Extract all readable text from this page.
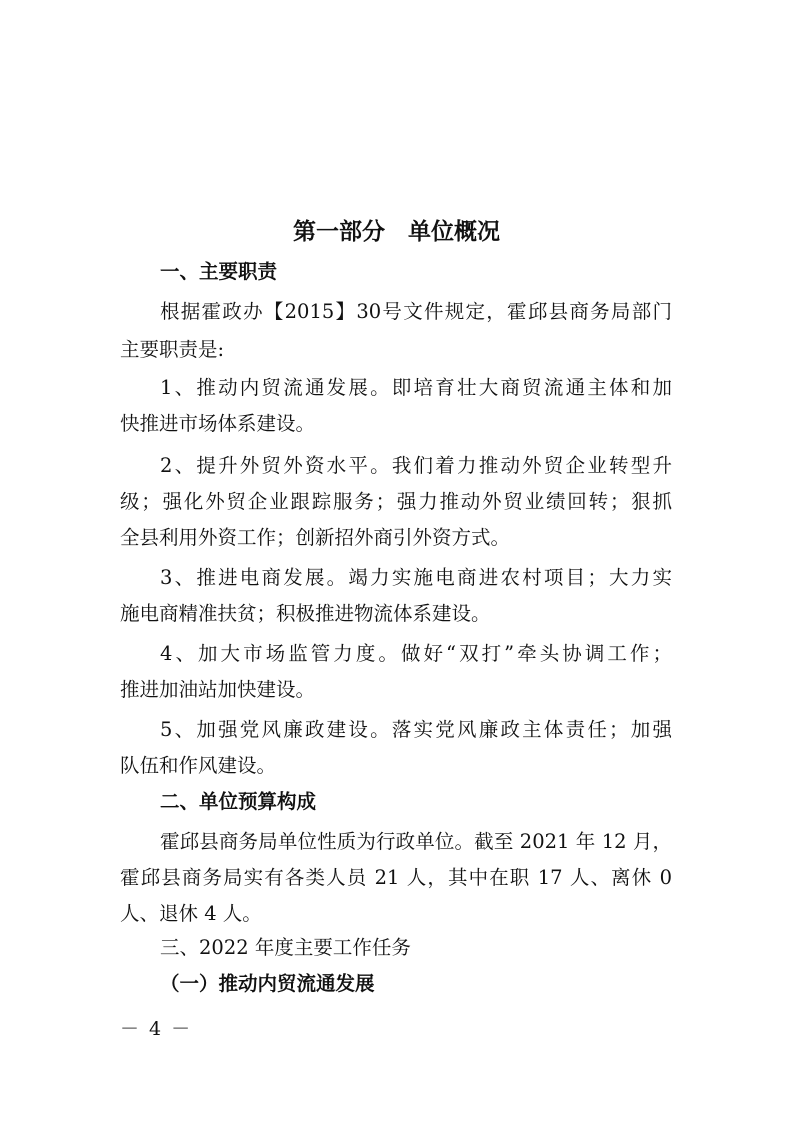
第一部分　单位概况
一、主要职责
根据霍政办【2015】30号文件规定，霍邱县商务局部门
主要职责是:
1、推动内贸流通发展。即培育壮大商贸流通主体和加
快推进市场体系建设。
2、提升外贸外资水平。我们着力推动外贸企业转型升
级；强化外贸企业跟踪服务；强力推动外贸业绩回转；狠抓
全县利用外资工作；创新招外商引外资方式。
3、推进电商发展。竭力实施电商进农村项目；大力实
施电商精准扶贫；积极推进物流体系建设。
4、加大市场监管力度。做好“双打”牵头协调工作；
推进加油站加快建设。
5、加强党风廉政建设。落实党风廉政主体责任；加强
队伍和作风建设。
二、单位预算构成
霍邱县商务局单位性质为行政单位。截至 2021 年 12 月，
霍邱县商务局实有各类人员 21 人，其中在职 17 人、离休 0
人、退休 4 人。
三、2022 年度主要工作任务
（一）推动内贸流通发展
－ 4 －
